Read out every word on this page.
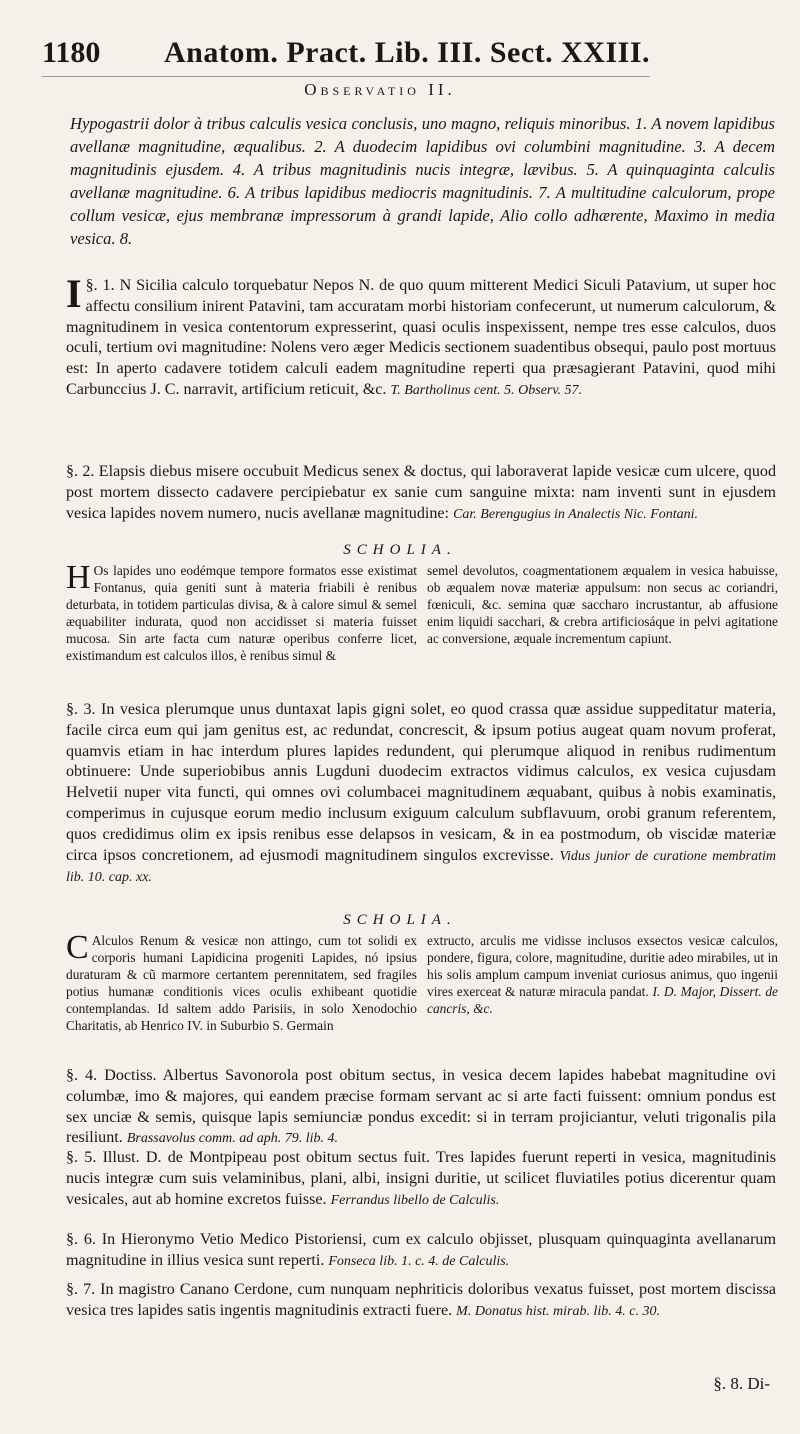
1180 Anatom. Pract. Lib. III. Sect. XXIII.
Observatio II.
Hypogastrii dolor à tribus calculis vesica conclusis, uno magno, reliquis minoribus. 1. A novem lapidibus avellanæ magnitudine, æqualibus. 2. A duodecim lapidibus ovi columbini magnitudine. 3. A decem magnitudinis ejusdem. 4. A tribus magnitudinis nucis integræ, lævibus. 5. A quinquaginta calculis avellanæ magnitudine. 6. A tribus lapidibus mediocris magnitudinis. 7. A multitudine calculorum, prope collum vesicæ, ejus membranæ impressorum à grandi lapide, Alio collo adhærente, Maximo in media vesica. 8.
§. 1.
I N Sicilia calculo torquebatur Nepos N. de quo quum mitterent Medici Siculi Patavium, ut super hoc affectu consilium inirent Patavini, tam accuratam morbi historiam confecerunt, ut numerum calculorum, & magnitudinem in vesica contentorum expresserint, quasi oculis inspexissent, nempe tres esse calculos, duos oculi, tertium ovi magnitudine: Nolens vero æger Medicis sectionem suadentibus obsequi, paulo post mortuus est: In aperto cadavere totidem calculi eadem magnitudine reperti qua præsagierant Patavini, quod mihi Carbunccius J. C. narravit, artificium reticuit, &c. T. Bartholinus cent. 5. Observ. 57.
§. 2. Elapsis diebus misere occubuit Medicus senex & doctus, qui laboraverat lapide vesicæ cum ulcere, quod post mortem dissecto cadavere percipiebatur ex sanie cum sanguine mixta: nam inventi sunt in ejusdem vesica lapides novem numero, nucis avellanæ magnitudine: Car. Berengugius in Analectis Nic. Fontani.
SCHOLIA.
H Os lapides uno eodémque tempore formatos esse existimat Fontanus, quia geniti sunt à materia friabili è renibus deturbata, in totidem particulas divisa, & à calore simul & semel æquabiliter indurata, quod non accidisset si materia fuisset mucosa. Sin arte facta cum naturæ operibus conferre licet, existimandum est calculos illos, è renibus simul &
semel devolutos, coagmentationem æqualem in vesica habuisse, ob æqualem novæ materiæ appulsum: non secus ac coriandri, fœniculi, &c. semina quæ saccharo incrustantur, ab affusione enim liquidi sacchari, & crebra artificiosáque in pelvi agitatione ac conversione, æquale incrementum capiunt.
§. 3. In vesica plerumque unus duntaxat lapis gigni solet, eo quod crassa quæ assidue suppeditatur materia, facile circa eum qui jam genitus est, ac redundat, concrescit, & ipsum potius augeat quam novum proferat, quamvis etiam in hac interdum plures lapides redundent, qui plerumque aliquod in renibus rudimentum obtinuere: Unde superiobibus annis Lugduni duodecim extractos vidimus calculos, ex vesica cujusdam Helvetii nuper vita functi, qui omnes ovi columbacei magnitudinem æquabant, quibus à nobis examinatis, comperimus in cujusque eorum medio inclusum exiguum calculum subflavuum, orobi granum referentem, quos credidimus olim ex ipsis renibus esse delapsos in vesicam, & in ea postmodum, ob viscidæ materiæ circa ipsos concretionem, ad ejusmodi magnitudinem singulos excrevisse. Vidus junior de curatione membratim lib. 10. cap. xx.
SCHOLIA.
C Alculos Renum & vesicæ non attingo, cum tot solidi ex corporis humani Lapidicina progeniti Lapides, nó ipsius duraturam & cũ marmore certantem perennitatem, sed fragiles potius humanæ conditionis vices oculis exhibeant quotidie contemplandas. Id saltem addo Parisiis, in solo Xenodochio Charitatis, ab Henrico IV. in Suburbio S. Germain
extructo, arculis me vidisse inclusos exsectos vesicæ calculos, pondere, figura, colore, magnitudine, duritie adeo mirabiles, ut in his solis amplum campum inveniat curiosus animus, quo ingenii vires exerceat & naturæ miracula pandat. I. D. Major, Dissert. de cancris, &c.
§. 4. Doctiss. Albertus Savonorola post obitum sectus, in vesica decem lapides habebat magnitudine ovi columbæ, imo & majores, qui eandem præcise formam servant ac si arte facti fuissent: omnium pondus est sex unciæ & semis, quisque lapis semiunciæ pondus excedit: si in terram projiciantur, veluti trigonalis pila resiliunt. Brassavolus comm. ad aph. 79. lib. 4.
§. 5. Illust. D. de Montpipeau post obitum sectus fuit. Tres lapides fuerunt reperti in vesica, magnitudinis nucis integræ cum suis velaminibus, plani, albi, insigni duritie, ut scilicet fluviatiles potius dicerentur quam vesicales, aut ab homine excretos fuisse. Ferrandus libello de Calculis.
§. 6. In Hieronymo Vetio Medico Pistoriensi, cum ex calculo objisset, plusquam quinquaginta avellanarum magnitudine in illius vesica sunt reperti. Fonseca lib. 1. c. 4. de Calculis.
§. 7. In magistro Canano Cerdone, cum nunquam nephriticis doloribus vexatus fuisset, post mortem discissa vesica tres lapides satis ingentis magnitudinis extracti fuere. M. Donatus hist. mirab. lib. 4. c. 30.
§. 8. Di-
